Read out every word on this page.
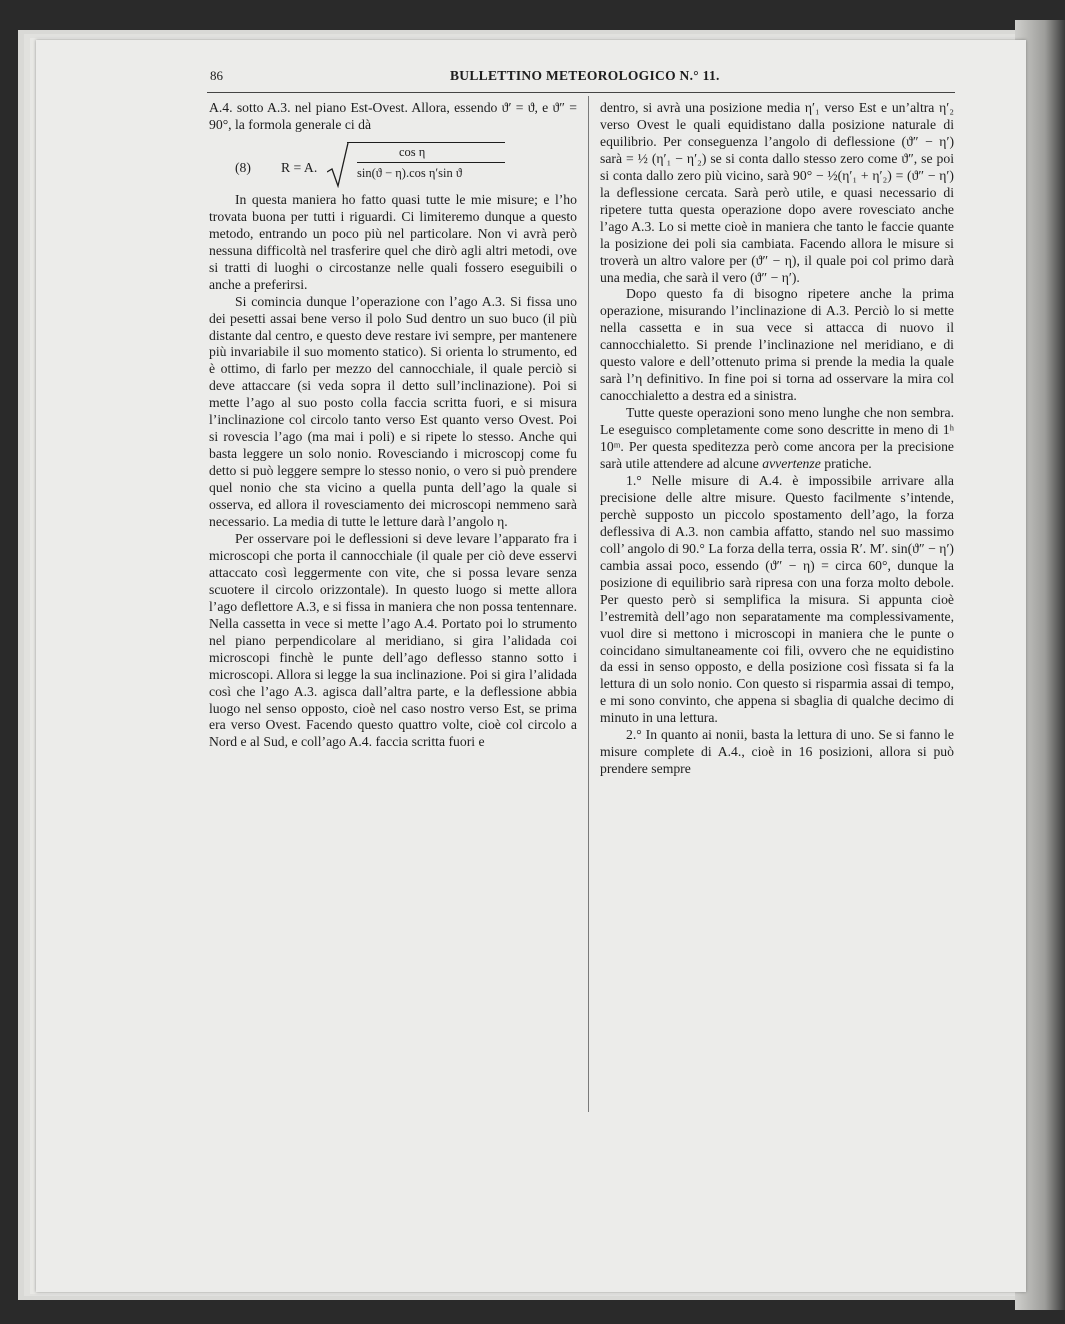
86	BULLETTINO METEOROLOGICO N.° 11.

A.4. sotto A.3. nel piano Est-Ovest. Allora, essendo ϑ′ = ϑ, e ϑ″ = 90°, la formola generale ci dà

(8) R = A.
cos η
sin(ϑ − η).cos η′sin ϑ

In questa maniera ho fatto quasi tutte le mie misure; e l’ho trovata buona per tutti i riguardi. Ci limiteremo dunque a questo metodo, entrando un poco più nel particolare. Non vi avrà però nessuna difficoltà nel trasferire quel che dirò agli altri metodi, ove si tratti di luoghi o circostanze nelle quali fossero eseguibili o anche a preferirsi.

Si comincia dunque l’operazione con l’ago A.3. Si fissa uno dei pesetti assai bene verso il polo Sud dentro un suo buco (il più distante dal centro, e questo deve restare ivi sempre, per mantenere più invariabile il suo momento statico). Si orienta lo strumento, ed è ottimo, di farlo per mezzo del cannocchiale, il quale perciò si deve attaccare (si veda sopra il detto sull’inclinazione). Poi si mette l’ago al suo posto colla faccia scritta fuori, e si misura l’inclinazione col circolo tanto verso Est quanto verso Ovest. Poi si rovescia l’ago (ma mai i poli) e si ripete lo stesso. Anche qui basta leggere un solo nonio. Rovesciando i microscopj come fu detto si può leggere sempre lo stesso nonio, o vero si può prendere quel nonio che sta vicino a quella punta dell’ago la quale si osserva, ed allora il rovesciamento dei microscopi nemmeno sarà necessario. La media di tutte le letture darà l’angolo η.

Per osservare poi le deflessioni si deve levare l’apparato fra i microscopi che porta il cannocchiale (il quale per ciò deve esservi attaccato così leggermente con vite, che si possa levare senza scuotere il circolo orizzontale). In questo luogo si mette allora l’ago deflettore A.3, e si fissa in maniera che non possa tentennare. Nella cassetta in vece si mette l’ago A.4. Portato poi lo strumento nel piano perpendicolare al meridiano, si gira l’alidada coi microscopi finchè le punte dell’ago deflesso stanno sotto i microscopi. Allora si legge la sua inclinazione. Poi si gira l’alidada così che l’ago A.3. agisca dall’altra parte, e la deflessione abbia luogo nel senso opposto, cioè nel caso nostro verso Est, se prima era verso Ovest. Facendo questo quattro volte, cioè col circolo a Nord e al Sud, e coll’ago A.4. faccia scritta fuori e

dentro, si avrà una posizione media η′₁ verso Est e un’altra η′₂ verso Ovest le quali equidistano dalla posizione naturale di equilibrio. Per conseguenza l’angolo di deflessione (ϑ″ − η′) sarà = ½ (η′₁ − η′₂) se si conta dallo stesso zero come ϑ″, se poi si conta dallo zero più vicino, sarà 90° − ½(η′₁ + η′₂) = (ϑ″ − η′) la deflessione cercata. Sarà però utile, e quasi necessario di ripetere tutta questa operazione dopo avere rovesciato anche l’ago A.3. Lo si mette cioè in maniera che tanto le faccie quante la posizione dei poli sia cambiata. Facendo allora le misure si troverà un altro valore per (ϑ″ − η), il quale poi col primo darà una media, che sarà il vero (ϑ″ − η′).

Dopo questo fa di bisogno ripetere anche la prima operazione, misurando l’inclinazione di A.3. Perciò lo si mette nella cassetta e in sua vece si attacca di nuovo il cannocchialetto. Si prende l’inclinazione nel meridiano, e di questo valore e dell’ottenuto prima si prende la media la quale sarà l’η definitivo. In fine poi si torna ad osservare la mira col canocchialetto a destra ed a sinistra.

Tutte queste operazioni sono meno lunghe che non sembra. Le eseguisco completamente come sono descritte in meno di 1ʰ 10ᵐ. Per questa speditezza però come ancora per la precisione sarà utile attendere ad alcune avvertenze pratiche.

1.° Nelle misure di A.4. è impossibile arrivare alla precisione delle altre misure. Questo facilmente s’intende, perchè supposto un piccolo spostamento dell’ago, la forza deflessiva di A.3. non cambia affatto, stando nel suo massimo coll’ angolo di 90.° La forza della terra, ossia R′. M′. sin(ϑ″ − η′) cambia assai poco, essendo (ϑ″ − η) = circa 60°, dunque la posizione di equilibrio sarà ripresa con una forza molto debole. Per questo però si semplifica la misura. Si appunta cioè l’estremità dell’ago non separatamente ma complessivamente, vuol dire si mettono i microscopi in maniera che le punte o coincidano simultaneamente coi fili, ovvero che ne equidistino da essi in senso opposto, e della posizione così fissata si fa la lettura di un solo nonio. Con questo si risparmia assai di tempo, e mi sono convinto, che appena si sbaglia di qualche decimo di minuto in una lettura.

2.° In quanto ai nonii, basta la lettura di uno. Se si fanno le misure complete di A.4., cioè in 16 posizioni, allora si può prendere sempre
